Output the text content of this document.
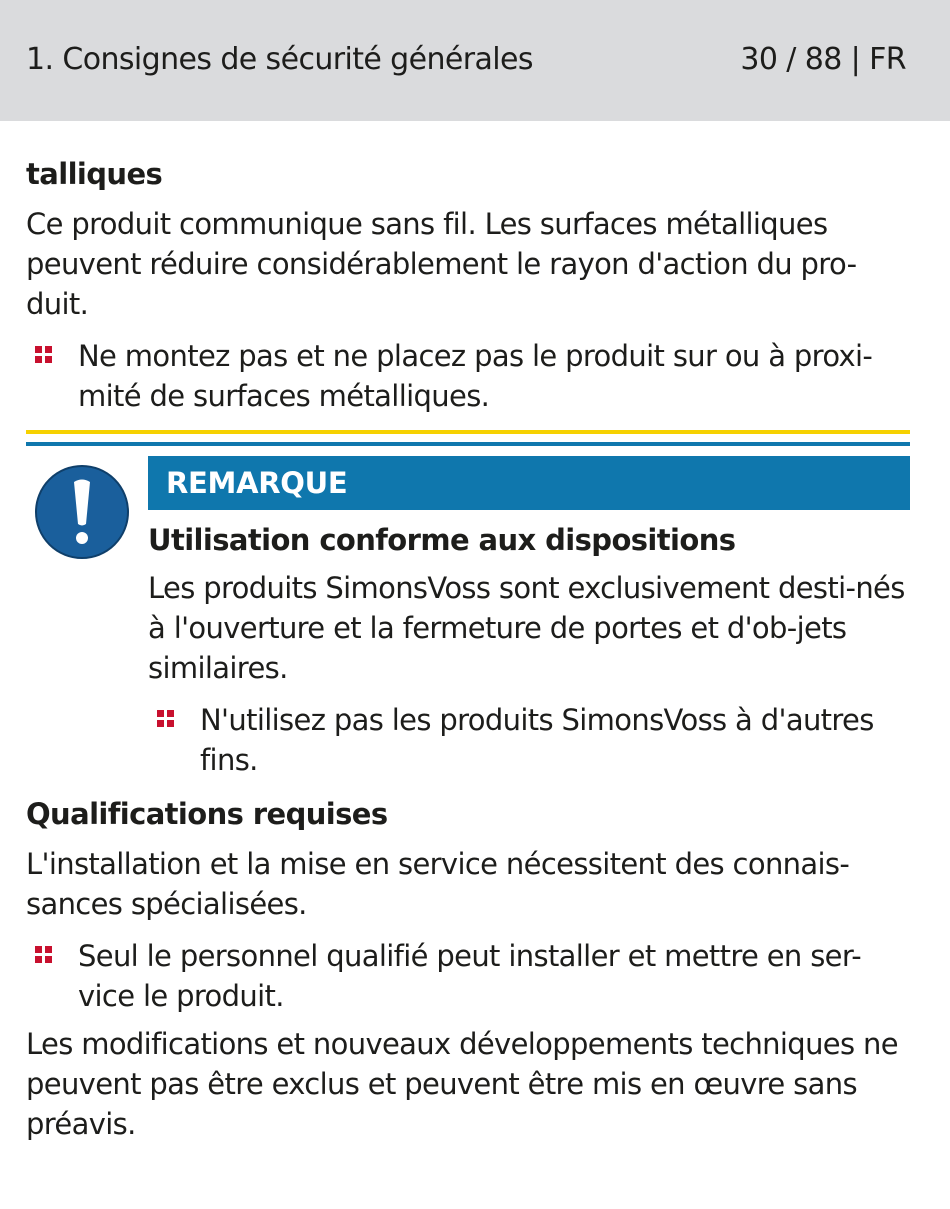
1. Consignes de sécurité générales	30 / 88 | FR
talliques
Ce produit communique sans fil. Les surfaces métalliques peuvent réduire considérablement le rayon d'action du pro-duit.
Ne montez pas et ne placez pas le produit sur ou à proxi-mité de surfaces métalliques.
REMARQUE
Utilisation conforme aux dispositions
Les produits SimonsVoss sont exclusivement desti-nés à l'ouverture et la fermeture de portes et d'ob-jets similaires.
N'utilisez pas les produits SimonsVoss à d'autres fins.
Qualifications requises
L'installation et la mise en service nécessitent des connais-sances spécialisées.
Seul le personnel qualifié peut installer et mettre en ser-vice le produit.
Les modifications et nouveaux développements techniques ne peuvent pas être exclus et peuvent être mis en œuvre sans préavis.
